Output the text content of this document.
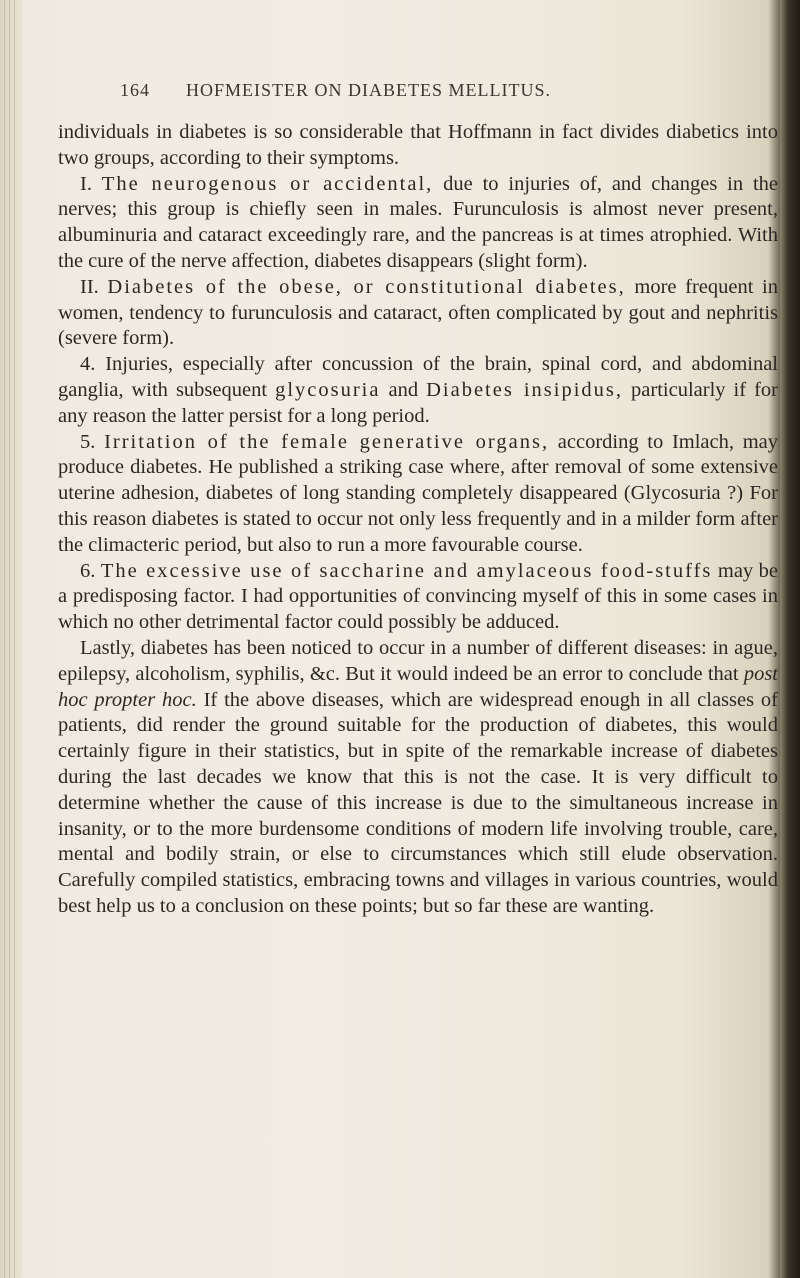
164 HOFMEISTER ON DIABETES MELLITUS.

individuals in diabetes is so considerable that Hoffmann in fact divides diabetics into two groups, according to their symptoms.

I. The neurogenous or accidental, due to injuries of, and changes in the nerves; this group is chiefly seen in males. Furunculosis is almost never present, albuminuria and cataract exceedingly rare, and the pancreas is at times atrophied. With the cure of the nerve affection, diabetes disappears (slight form).

II. Diabetes of the obese, or constitutional diabetes, more frequent in women, tendency to furunculosis and cataract, often complicated by gout and nephritis (severe form).

4. Injuries, especially after concussion of the brain, spinal cord, and abdominal ganglia, with subsequent glycosuria and Diabetes insipidus, particularly if for any reason the latter persist for a long period.

5. Irritation of the female generative organs, according to Imlach, may produce diabetes. He published a striking case where, after removal of some extensive uterine adhesion, diabetes of long standing completely disappeared (Glycosuria ?) For this reason diabetes is stated to occur not only less frequently and in a milder form after the climacteric period, but also to run a more favourable course.

6. The excessive use of saccharine and amylaceous food-stuffs may be a predisposing factor. I had opportunities of convincing myself of this in some cases in which no other detrimental factor could possibly be adduced.

Lastly, diabetes has been noticed to occur in a number of different diseases: in ague, epilepsy, alcoholism, syphilis, &c. But it would indeed be an error to conclude that post hoc propter hoc. If the above diseases, which are widespread enough in all classes of patients, did render the ground suitable for the production of diabetes, this would certainly figure in their statistics, but in spite of the remarkable increase of diabetes during the last decades we know that this is not the case. It is very difficult to determine whether the cause of this increase is due to the simultaneous increase in insanity, or to the more burdensome conditions of modern life involving trouble, care, mental and bodily strain, or else to circumstances which still elude observation. Carefully compiled statistics, embracing towns and villages in various countries, would best help us to a conclusion on these points; but so far these are wanting.
